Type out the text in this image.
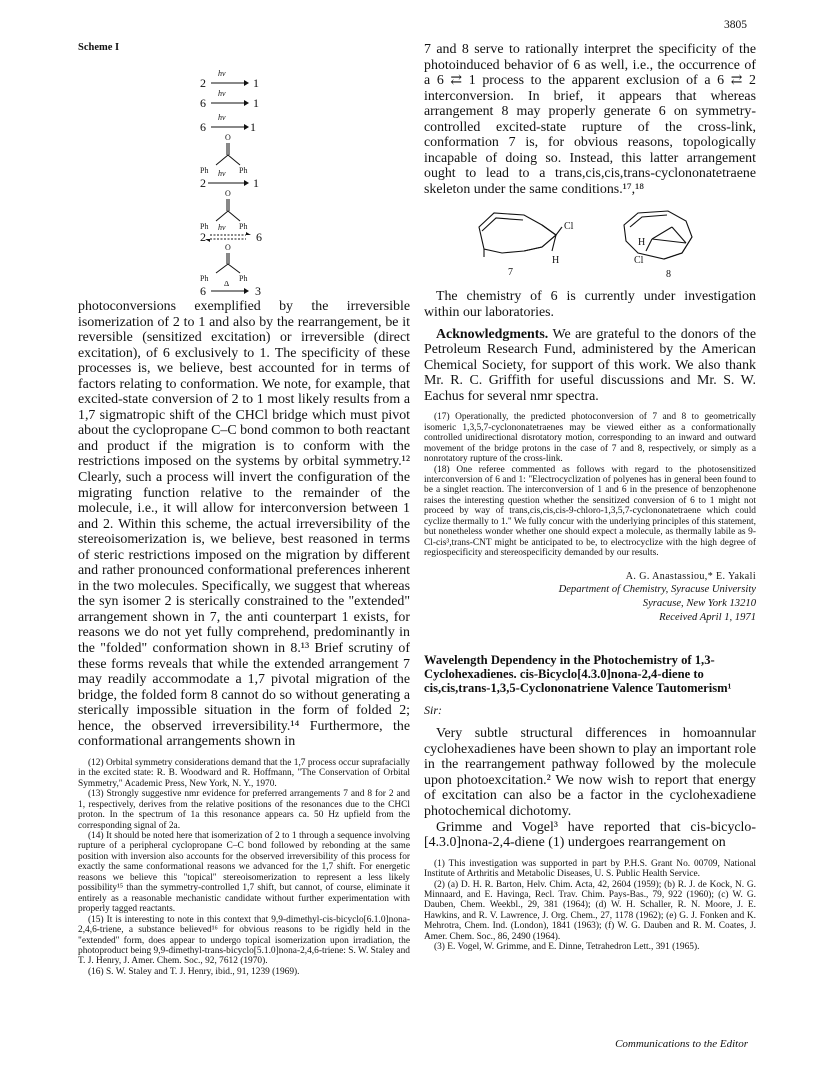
3805
Scheme I
2
hν
1
6
hν
1
6
hν
1
O
Ph	Ph
2
hν
1
O
Ph	Ph
2
hν
6
O
Ph	Ph
6
Δ
3

photoconversions exemplified by the irreversible isomerization of 2 to 1 and also by the rearrangement, be it reversible (sensitized excitation) or irreversible (direct excitation), of 6 exclusively to 1. The specificity of these processes is, we believe, best accounted for in terms of factors relating to conformation. We note, for example, that excited-state conversion of 2 to 1 most likely results from a 1,7 sigmatropic shift of the CHCl bridge which must pivot about the cyclopropane C–C bond common to both reactant and product if the migration is to conform with the restrictions imposed on the systems by orbital symmetry.¹² Clearly, such a process will invert the configuration of the migrating function relative to the remainder of the molecule, i.e., it will allow for interconversion between 1 and 2. Within this scheme, the actual irreversibility of the stereoisomerization is, we believe, best reasoned in terms of steric restrictions imposed on the migration by different and rather pronounced conformational preferences inherent in the two molecules. Specifically, we suggest that whereas the syn isomer 2 is sterically constrained to the "extended" arrangement shown in 7, the anti counterpart 1 exists, for reasons we do not yet fully comprehend, predominantly in the "folded" conformation shown in 8.¹³ Brief scrutiny of these forms reveals that while the extended arrangement 7 may readily accommodate a 1,7 pivotal migration of the bridge, the folded form 8 cannot do so without generating a sterically impossible situation in the form of folded 2; hence, the observed irreversibility.¹⁴ Furthermore, the conformational arrangements shown in

(12) Orbital symmetry considerations demand that the 1,7 process occur suprafacially in the excited state: R. B. Woodward and R. Hoffmann, "The Conservation of Orbital Symmetry," Academic Press, New York, N. Y., 1970.

(13) Strongly suggestive nmr evidence for preferred arrangements 7 and 8 for 2 and 1, respectively, derives from the relative positions of the resonances due to the CHCl proton. In the spectrum of 1a this resonance appears ca. 50 Hz upfield from the corresponding signal of 2a.

(14) It should be noted here that isomerization of 2 to 1 through a sequence involving rupture of a peripheral cyclopropane C–C bond followed by rebonding at the same position with inversion also accounts for the observed irreversibility of this process for exactly the same conformational reasons we advanced for the 1,7 shift. For energetic reasons we believe this "topical" stereoisomerization to represent a less likely possibility¹⁵ than the symmetry-controlled 1,7 shift, but cannot, of course, eliminate it entirely as a reasonable mechanistic candidate without further experimentation with properly tagged reactants.

(15) It is interesting to note in this context that 9,9-dimethyl-cis-bicyclo[6.1.0]nona-2,4,6-triene, a substance believed¹⁶ for obvious reasons to be rigidly held in the "extended" form, does appear to undergo topical isomerization upon irradiation, the photoproduct being 9,9-dimethyl-trans-bicyclo[5.1.0]nona-2,4,6-triene: S. W. Staley and T. J. Henry, J. Amer. Chem. Soc., 92, 7612 (1970).

(16) S. W. Staley and T. J. Henry, ibid., 91, 1239 (1969).

7 and 8 serve to rationally interpret the specificity of the photoinduced behavior of 6 as well, i.e., the occurrence of a 6 ⇄ 1 process to the apparent exclusion of a 6 ⇄ 2 interconversion. In brief, it appears that whereas arrangement 8 may properly generate 6 on symmetry-controlled excited-state rupture of the cross-link, conformation 7 is, for obvious reasons, topologically incapable of doing so. Instead, this latter arrangement ought to lead to a trans,cis,cis,trans-cyclononatetraene skeleton under the same conditions.¹⁷,¹⁸

Cl
H
7
H
Cl
8

The chemistry of 6 is currently under investigation within our laboratories.

Acknowledgments. We are grateful to the donors of the Petroleum Research Fund, administered by the American Chemical Society, for support of this work. We also thank Mr. R. C. Griffith for useful discussions and Mr. S. W. Eachus for several nmr spectra.

(17) Operationally, the predicted photoconversion of 7 and 8 to geometrically isomeric 1,3,5,7-cyclononatetraenes may be viewed either as a conformationally controlled unidirectional disrotatory motion, corresponding to an inward and outward movement of the bridge protons in the case of 7 and 8, respectively, or simply as a nonrotatory rupture of the cross-link.

(18) One referee commented as follows with regard to the photosensitized interconversion of 6 and 1: "Electrocyclization of polyenes has in general been found to be a singlet reaction. The interconversion of 1 and 6 in the presence of benzophenone raises the interesting question whether the sensitized conversion of 6 to 1 might not proceed by way of trans,cis,cis,cis-9-chloro-1,3,5,7-cyclononatetraene which could cyclize thermally to 1." We fully concur with the underlying principles of this statement, but nonetheless wonder whether one should expect a molecule, as thermally labile as 9-Cl-cis³,trans-CNT might be anticipated to be, to electrocyclize with the high degree of regiospecificity and stereospecificity demanded by our results.

A. G. Anastassiou,* E. Yakali

Department of Chemistry, Syracuse University

Syracuse, New York 13210

Received April 1, 1971

Wavelength Dependency in the Photochemistry of 1,3-Cyclohexadienes. cis-Bicyclo[4.3.0]nona-2,4-diene to cis,cis,trans-1,3,5-Cyclononatriene Valence Tautomerism¹
Sir:

Very subtle structural differences in homoannular cyclohexadienes have been shown to play an important role in the rearrangement pathway followed by the molecule upon photoexcitation.² We now wish to report that energy of excitation can also be a factor in the cyclohexadiene photochemical dichotomy.

Grimme and Vogel³ have reported that cis-bicyclo-[4.3.0]nona-2,4-diene (1) undergoes rearrangement on

(1) This investigation was supported in part by P.H.S. Grant No. 00709, National Institute of Arthritis and Metabolic Diseases, U. S. Public Health Service.

(2) (a) D. H. R. Barton, Helv. Chim. Acta, 42, 2604 (1959); (b) R. J. de Kock, N. G. Minnaard, and E. Havinga, Recl. Trav. Chim. Pays-Bas., 79, 922 (1960); (c) W. G. Dauben, Chem. Weekbl., 29, 381 (1964); (d) W. H. Schaller, R. N. Moore, J. E. Hawkins, and R. V. Lawrence, J. Org. Chem., 27, 1178 (1962); (e) G. J. Fonken and K. Mehrotra, Chem. Ind. (London), 1841 (1963); (f) W. G. Dauben and R. M. Coates, J. Amer. Chem. Soc., 86, 2490 (1964).

(3) E. Vogel, W. Grimme, and E. Dinne, Tetrahedron Lett., 391 (1965).

Communications to the Editor
